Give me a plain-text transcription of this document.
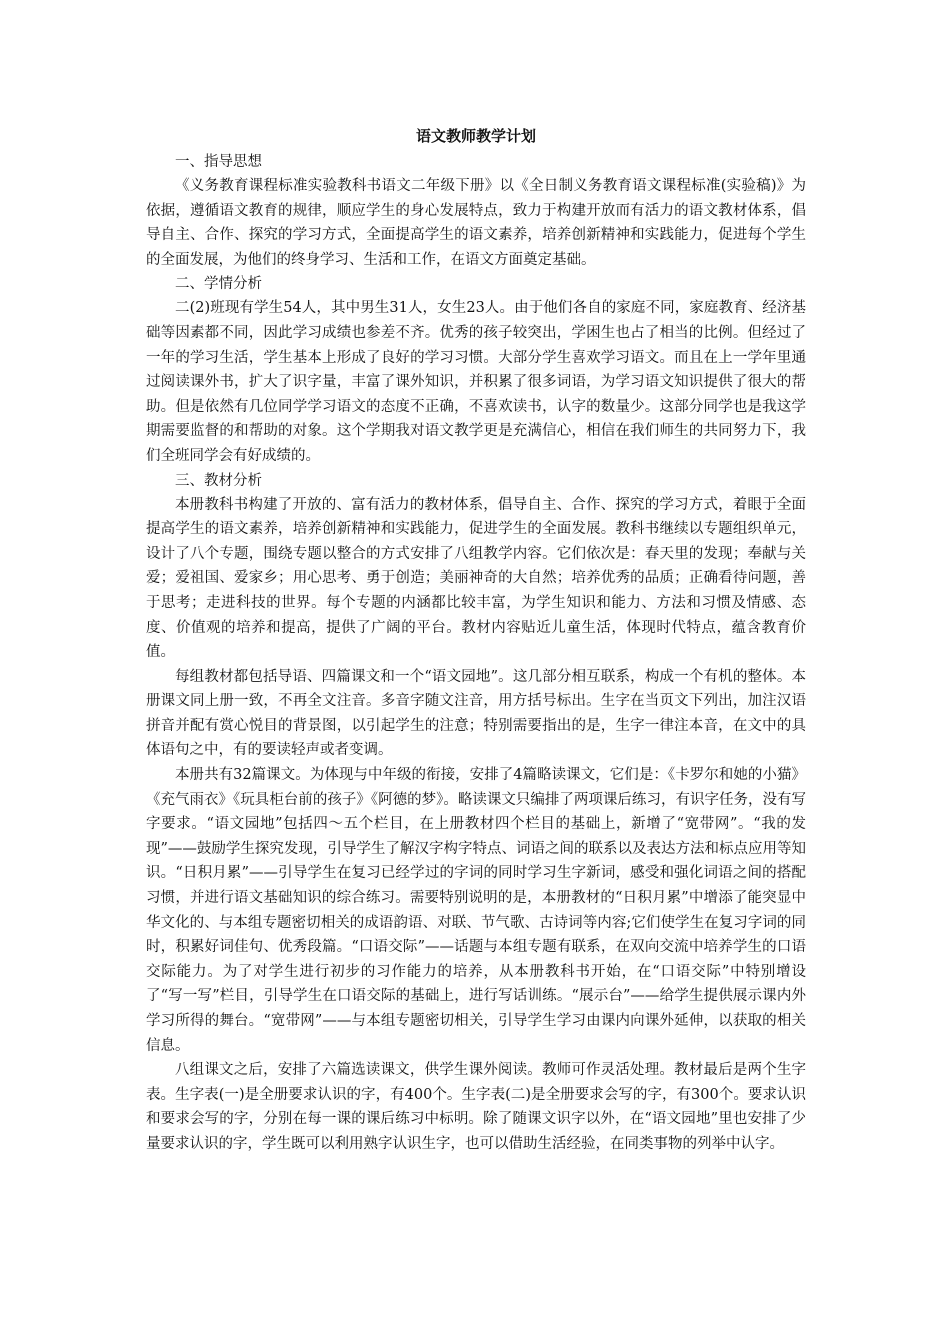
语文教师教学计划

一、指导思想

《义务教育课程标准实验教科书语文二年级下册》以《全日制义务教育语文课程标准(实验稿)》为依据，遵循语文教育的规律，顺应学生的身心发展特点，致力于构建开放而有活力的语文教材体系，倡导自主、合作、探究的学习方式，全面提高学生的语文素养，培养创新精神和实践能力，促进每个学生的全面发展，为他们的终身学习、生活和工作，在语文方面奠定基础。

二、学情分析

二(2)班现有学生54人，其中男生31人，女生23人。由于他们各自的家庭不同，家庭教育、经济基础等因素都不同，因此学习成绩也参差不齐。优秀的孩子较突出，学困生也占了相当的比例。但经过了一年的学习生活，学生基本上形成了良好的学习习惯。大部分学生喜欢学习语文。而且在上一学年里通过阅读课外书，扩大了识字量，丰富了课外知识，并积累了很多词语，为学习语文知识提供了很大的帮助。但是依然有几位同学学习语文的态度不正确，不喜欢读书，认字的数量少。这部分同学也是我这学期需要监督的和帮助的对象。这个学期我对语文教学更是充满信心，相信在我们师生的共同努力下，我们全班同学会有好成绩的。

三、教材分析

本册教科书构建了开放的、富有活力的教材体系，倡导自主、合作、探究的学习方式，着眼于全面提高学生的语文素养，培养创新精神和实践能力，促进学生的全面发展。教科书继续以专题组织单元，设计了八个专题，围绕专题以整合的方式安排了八组教学内容。它们依次是：春天里的发现；奉献与关爱；爱祖国、爱家乡；用心思考、勇于创造；美丽神奇的大自然；培养优秀的品质；正确看待问题，善于思考；走进科技的世界。每个专题的内涵都比较丰富，为学生知识和能力、方法和习惯及情感、态度、价值观的培养和提高，提供了广阔的平台。教材内容贴近儿童生活，体现时代特点，蕴含教育价值。

每组教材都包括导语、四篇课文和一个“语文园地”。这几部分相互联系，构成一个有机的整体。本册课文同上册一致，不再全文注音。多音字随文注音，用方括号标出。生字在当页文下列出，加注汉语拼音并配有赏心悦目的背景图，以引起学生的注意；特别需要指出的是，生字一律注本音，在文中的具体语句之中，有的要读轻声或者变调。

本册共有32篇课文。为体现与中年级的衔接，安排了4篇略读课文，它们是：《卡罗尔和她的小猫》《充气雨衣》《玩具柜台前的孩子》《阿德的梦》。略读课文只编排了两项课后练习，有识字任务，没有写字要求。“语文园地”包括四～五个栏目，在上册教材四个栏目的基础上，新增了“宽带网”。“我的发现”——鼓励学生探究发现，引导学生了解汉字构字特点、词语之间的联系以及表达方法和标点应用等知识。“日积月累”——引导学生在复习已经学过的字词的同时学习生字新词，感受和强化词语之间的搭配习惯，并进行语文基础知识的综合练习。需要特别说明的是，本册教材的“日积月累”中增添了能突显中华文化的、与本组专题密切相关的成语韵语、对联、节气歌、古诗词等内容;它们使学生在复习字词的同时，积累好词佳句、优秀段篇。“口语交际”——话题与本组专题有联系，在双向交流中培养学生的口语交际能力。为了对学生进行初步的习作能力的培养，从本册教科书开始，在“口语交际”中特别增设了“写一写”栏目，引导学生在口语交际的基础上，进行写话训练。“展示台”——给学生提供展示课内外学习所得的舞台。“宽带网”——与本组专题密切相关，引导学生学习由课内向课外延伸，以获取的相关信息。

八组课文之后，安排了六篇选读课文，供学生课外阅读。教师可作灵活处理。教材最后是两个生字表。生字表(一)是全册要求认识的字，有400个。生字表(二)是全册要求会写的字，有300个。要求认识和要求会写的字，分别在每一课的课后练习中标明。除了随课文识字以外，在“语文园地”里也安排了少量要求认识的字，学生既可以利用熟字认识生字，也可以借助生活经验，在同类事物的列举中认字。
